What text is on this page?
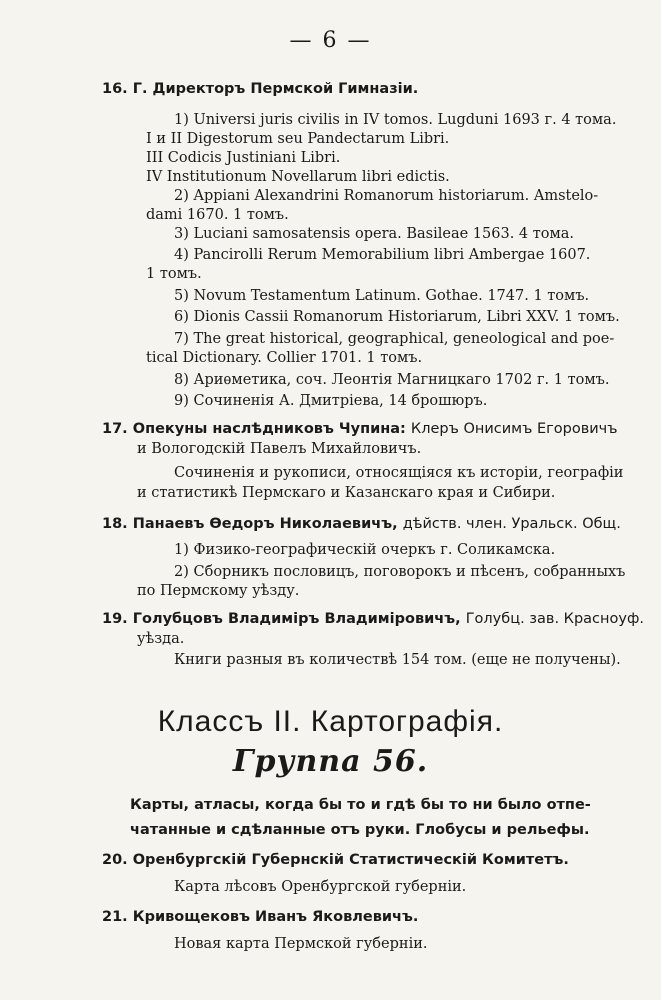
— 6 —
16. Г. Директоръ Пермской Гимназіи.
1) Universi juris civilis in IV tomos. Lugduni 1693 г. 4 тома.
I и II Digestorum seu Pandectarum Libri.
III Codicis Justiniani Libri.
IV Institutionum Novellarum libri edictis.
2) Appiani Alexandrini Romanorum historiarum. Amstelo-
dami 1670. 1 томъ.
3) Luciani samosatensis opera. Basileae 1563. 4 тома.
4) Pancirolli Rerum Memorabilium libri Ambergae 1607.
1 томъ.
5) Novum Testamentum Latinum. Gothae. 1747. 1 томъ.
6) Dionis Cassii Romanorum Historiarum, Libri XXV. 1 томъ.
7) The great historical, geographical, geneological and poe-
tical Dictionary. Collier 1701. 1 томъ.
8) Ариѳметика, соч. Леонтія Магницкаго 1702 г. 1 томъ.
9) Сочиненія А. Дмитріева, 14 брошюръ.
17. Опекуны наслѣдниковъ Чупина: Клеръ Онисимъ Егоровичъ
и Вологодскій Павелъ Михайловичъ.
Сочиненія и рукописи, относящіяся къ исторіи, географіи
и статистикѣ Пермскаго и Казанскаго края и Сибири.
18. Панаевъ Ѳедоръ Николаевичъ, дѣйств. член. Уральск. Общ.
1) Физико-географическій очеркъ г. Соликамска.
2) Сборникъ пословицъ, поговорокъ и пѣсенъ, собранныхъ
по Пермскому уѣзду.
19. Голубцовъ Владиміръ Владиміровичъ, Голубц. зав. Красноуф.
уѣзда.
Книги разныя въ количествѣ 154 том. (еще не получены).
Классъ II. Картографія.
Группа 56.
Карты, атласы, когда бы то и гдѣ бы то ни было отпе-
чатанные и сдѣланные отъ руки. Глобусы и рельефы.
20. Оренбургскій Губернскій Статистическій Комитетъ.
Карта лѣсовъ Оренбургской губерніи.
21. Кривощековъ Иванъ Яковлевичъ.
Новая карта Пермской губерніи.
